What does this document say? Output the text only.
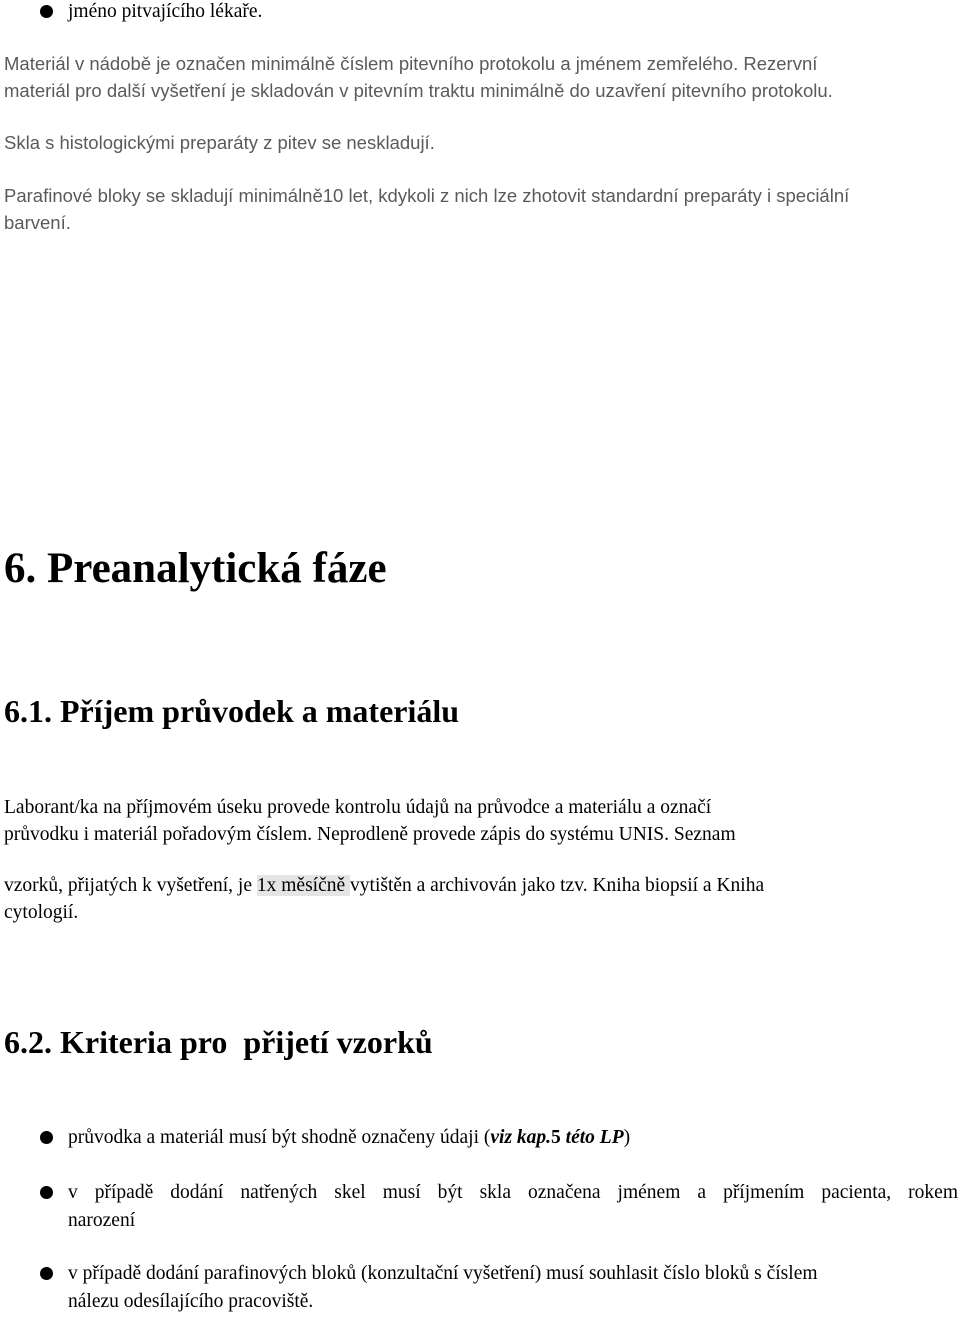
jméno pitvajícího lékaře.
Materiál v nádobě je označen minimálně číslem pitevního protokolu a jménem zemřelého. Rezervní
materiál pro další vyšetření je skladován v pitevním traktu minimálně do uzavření pitevního protokolu.
Skla s histologickými preparáty z pitev se neskladují.
Parafinové bloky se skladují minimálně10 let, kdykoli z nich lze zhotovit standardní preparáty i speciální
barvení.
6. Preanalytická fáze
6.1. Příjem průvodek a materiálu
Laborant/ka na příjmovém úseku provede kontrolu údajů na průvodce a materiálu a označí
průvodku i materiál pořadovým číslem. Neprodleně provede zápis do systému UNIS. Seznam
vzorků, přijatých k vyšetření, je 1x měsíčně vytištěn a archivován jako tzv. Kniha biopsií a Kniha
cytologií.
6.2. Kriteria pro  přijetí vzorků
průvodka a materiál musí být shodně označeny údaji (viz kap.5 této LP)
v případě dodání natřených skel musí být skla označena jménem a příjmením pacienta, rokem
narození
v případě dodání parafinových bloků (konzultační vyšetření) musí souhlasit číslo bloků s číslem
nálezu odesílajícího pracoviště.
